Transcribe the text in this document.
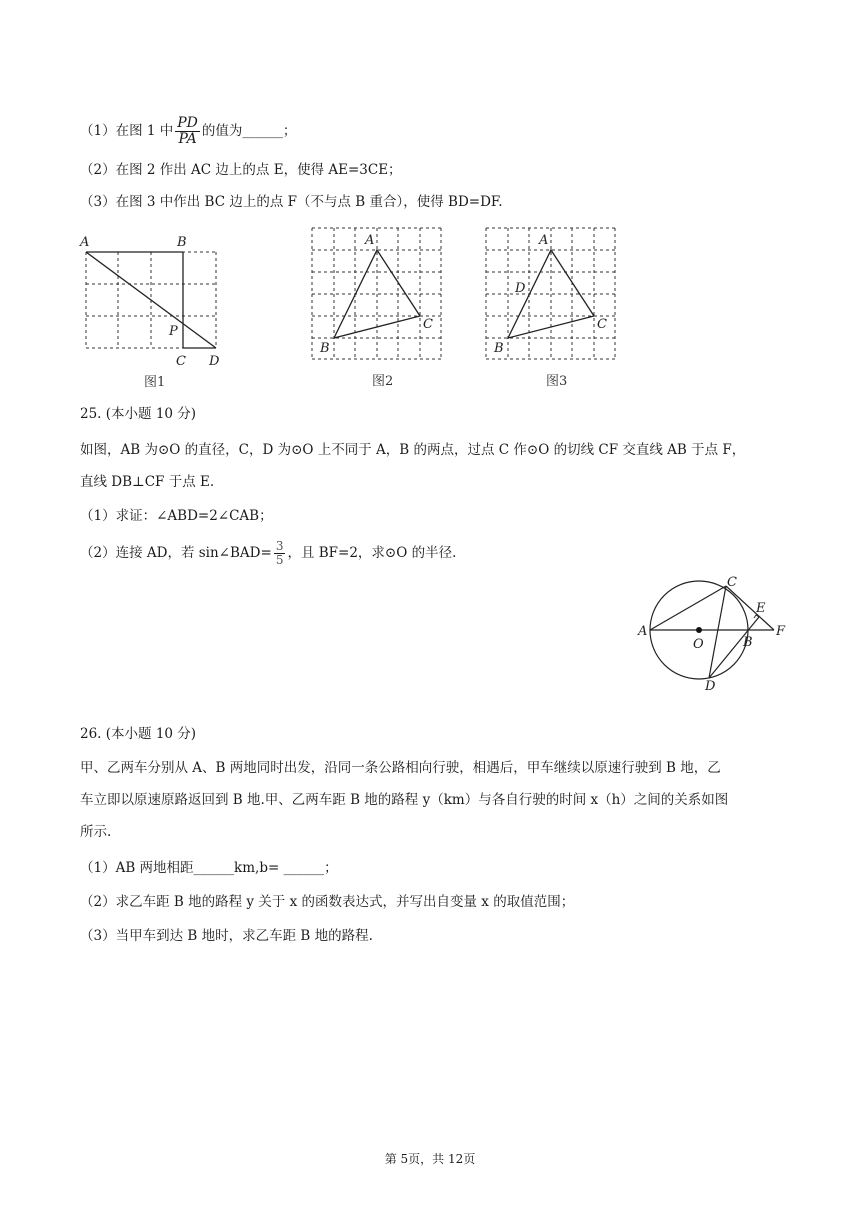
（1）在图 1 中 $\frac{PD}{PA}$ 的值为______；
（2）在图 2 作出 AC 边上的点 E，使得 AE=3CE；
（3）在图 3 中作出 BC 边上的点 F（不与点 B 重合），使得 BD=DF.
A	B
P
C D
图1
A
B
C
图2
A
D
B
C
图3
25. (本小题 10 分)
如图，AB 为⊙O 的直径，C，D 为⊙O 上不同于 A，B 的两点，过点 C 作⊙O 的切线 CF 交直线 AB 于点 F，
直线 DB⊥CF 于点 E.
（1）求证：∠ABD=2∠CAB；
（2）连接 AD，若 sin∠BAD= $\frac{3}{5}$ ，且 BF=2，求⊙O 的半径.
A
C
E
F
O	B
D
26. (本小题 10 分)
甲、乙两车分别从 A、B 两地同时出发，沿同一条公路相向行驶，相遇后，甲车继续以原速行驶到 B 地，乙
车立即以原速原路返回到 B 地.甲、乙两车距 B 地的路程 y（km）与各自行驶的时间 x（h）之间的关系如图
所示.
（1）AB 两地相距______km,b= ______；
（2）求乙车距 B 地的路程 y 关于 x 的函数表达式，并写出自变量 x 的取值范围；
（3）当甲车到达 B 地时，求乙车距 B 地的路程.
第 5页，共 12页
